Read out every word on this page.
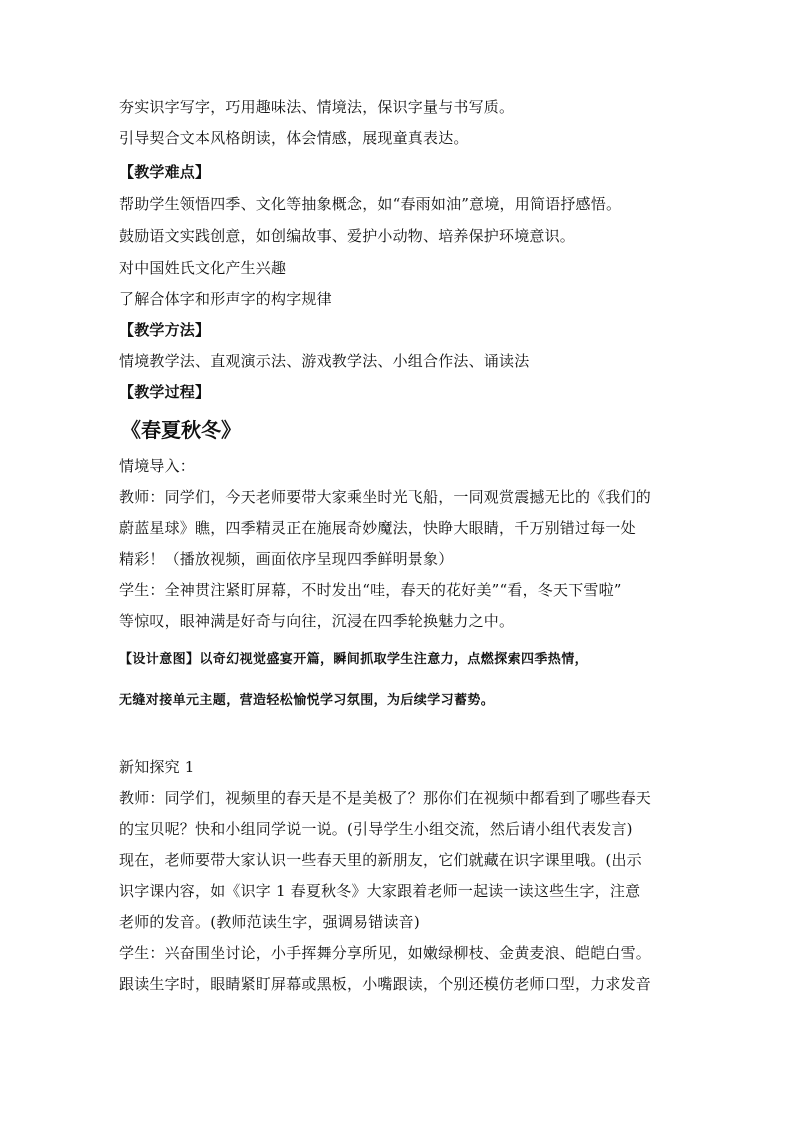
夯实识字写字，巧用趣味法、情境法，保识字量与书写质。
引导契合文本风格朗读，体会情感，展现童真表达。
【教学难点】
帮助学生领悟四季、文化等抽象概念，如“春雨如油”意境，用简语抒感悟。
鼓励语文实践创意，如创编故事、爱护小动物、培养保护环境意识。
对中国姓氏文化产生兴趣
了解合体字和形声字的构字规律
【教学方法】
情境教学法、直观演示法、游戏教学法、小组合作法、诵读法
【教学过程】
《春夏秋冬》
情境导入：
教师：同学们，今天老师要带大家乘坐时光飞船，一同观赏震撼无比的《我们的
蔚蓝星球》瞧，四季精灵正在施展奇妙魔法，快睁大眼睛，千万别错过每一处
精彩！（播放视频，画面依序呈现四季鲜明景象）
学生：全神贯注紧盯屏幕，不时发出“哇，春天的花好美”“看，冬天下雪啦”
等惊叹，眼神满是好奇与向往，沉浸在四季轮换魅力之中。
【设计意图】以奇幻视觉盛宴开篇，瞬间抓取学生注意力，点燃探索四季热情，
无缝对接单元主题，营造轻松愉悦学习氛围，为后续学习蓄势。
新知探究 1
教师：同学们，视频里的春天是不是美极了？那你们在视频中都看到了哪些春天
的宝贝呢？快和小组同学说一说。(引导学生小组交流，然后请小组代表发言)
现在，老师要带大家认识一些春天里的新朋友，它们就藏在识字课里哦。(出示
识字课内容，如《识字 1 春夏秋冬》大家跟着老师一起读一读这些生字，注意
老师的发音。(教师范读生字，强调易错读音)
学生：兴奋围坐讨论，小手挥舞分享所见，如嫩绿柳枝、金黄麦浪、皑皑白雪。
跟读生字时，眼睛紧盯屏幕或黑板，小嘴跟读，个别还模仿老师口型，力求发音
